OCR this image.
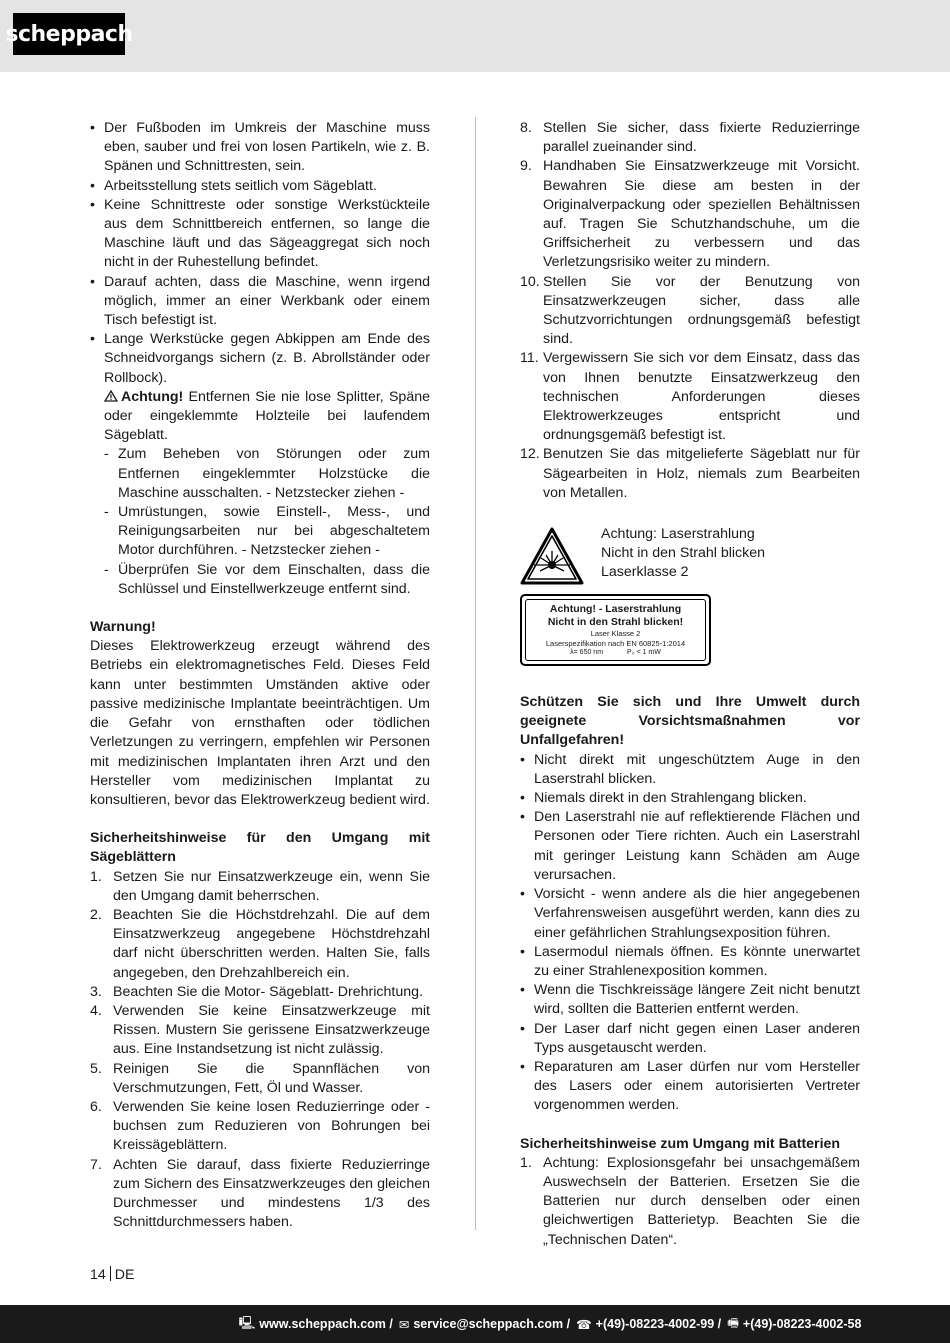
scheppach
• Der Fußboden im Umkreis der Maschine muss eben, sauber und frei von losen Partikeln, wie z. B. Spänen und Schnittresten, sein.
• Arbeitsstellung stets seitlich vom Sägeblatt.
• Keine Schnittreste oder sonstige Werkstückteile aus dem Schnittbereich entfernen, so lange die Maschine läuft und das Sägeaggregat sich noch nicht in der Ruhestellung befindet.
• Darauf achten, dass die Maschine, wenn irgend möglich, immer an einer Werkbank oder einem Tisch befestigt ist.
• Lange Werkstücke gegen Abkippen am Ende des Schneidvorgangs sichern (z. B. Abrollständer oder Rollbock).
Achtung! Entfernen Sie nie lose Splitter, Späne oder eingeklemmte Holzteile bei laufendem Sägeblatt.
- Zum Beheben von Störungen oder zum Entfernen eingeklemmter Holzstücke die Maschine ausschalten. - Netzstecker ziehen -
- Umrüstungen, sowie Einstell-, Mess-, und Reinigungsarbeiten nur bei abgeschaltetem Motor durchführen. - Netzstecker ziehen -
- Überprüfen Sie vor dem Einschalten, dass die Schlüssel und Einstellwerkzeuge entfernt sind.
Warnung!
Dieses Elektrowerkzeug erzeugt während des Betriebs ein elektromagnetisches Feld. Dieses Feld kann unter bestimmten Umständen aktive oder passive medizinische Implantate beeinträchtigen. Um die Gefahr von ernsthaften oder tödlichen Verletzungen zu verringern, empfehlen wir Personen mit medizinischen Implantaten ihren Arzt und den Hersteller vom medizinischen Implantat zu konsultieren, bevor das Elektrowerkzeug bedient wird.
Sicherheitshinweise für den Umgang mit Sägeblättern
1. Setzen Sie nur Einsatzwerkzeuge ein, wenn Sie den Umgang damit beherrschen.
2. Beachten Sie die Höchstdrehzahl. Die auf dem Einsatzwerkzeug angegebene Höchstdrehzahl darf nicht überschritten werden. Halten Sie, falls angegeben, den Drehzahlbereich ein.
3. Beachten Sie die Motor- Sägeblatt- Drehrichtung.
4. Verwenden Sie keine Einsatzwerkzeuge mit Rissen. Mustern Sie gerissene Einsatzwerkzeuge aus. Eine Instandsetzung ist nicht zulässig.
5. Reinigen Sie die Spannflächen von Verschmutzungen, Fett, Öl und Wasser.
6. Verwenden Sie keine losen Reduzierringe oder -buchsen zum Reduzieren von Bohrungen bei Kreissägeblättern.
7. Achten Sie darauf, dass fixierte Reduzierringe zum Sichern des Einsatzwerkzeuges den gleichen Durchmesser und mindestens 1/3 des Schnittdurchmessers haben.
8. Stellen Sie sicher, dass fixierte Reduzierringe parallel zueinander sind.
9. Handhaben Sie Einsatzwerkzeuge mit Vorsicht. Bewahren Sie diese am besten in der Originalverpackung oder speziellen Behältnissen auf. Tragen Sie Schutzhandschuhe, um die Griffsicherheit zu verbessern und das Verletzungsrisiko weiter zu mindern.
10. Stellen Sie vor der Benutzung von Einsatzwerkzeugen sicher, dass alle Schutzvorrichtungen ordnungsgemäß befestigt sind.
11. Vergewissern Sie sich vor dem Einsatz, dass das von Ihnen benutzte Einsatzwerkzeug den technischen Anforderungen dieses Elektrowerkzeuges entspricht und ordnungsgemäß befestigt ist.
12. Benutzen Sie das mitgelieferte Sägeblatt nur für Sägearbeiten in Holz, niemals zum Bearbeiten von Metallen.
Achtung: Laserstrahlung
Nicht in den Strahl blicken
Laserklasse 2
Achtung! - Laserstrahlung
Nicht in den Strahl blicken!
Laser Klasse 2
Laserspezifikation nach EN 60825-1:2014
λ= 650 nm	P₀ < 1 mW
Schützen Sie sich und Ihre Umwelt durch geeignete Vorsichtsmaßnahmen vor Unfallgefahren!
• Nicht direkt mit ungeschütztem Auge in den Laserstrahl blicken.
• Niemals direkt in den Strahlengang blicken.
• Den Laserstrahl nie auf reflektierende Flächen und Personen oder Tiere richten. Auch ein Laserstrahl mit geringer Leistung kann Schäden am Auge verursachen.
• Vorsicht - wenn andere als die hier angegebenen Verfahrensweisen ausgeführt werden, kann dies zu einer gefährlichen Strahlungsexposition führen.
• Lasermodul niemals öffnen. Es könnte unerwartet zu einer Strahlenexposition kommen.
• Wenn die Tischkreissäge längere Zeit nicht benutzt wird, sollten die Batterien entfernt werden.
• Der Laser darf nicht gegen einen Laser anderen Typs ausgetauscht werden.
• Reparaturen am Laser dürfen nur vom Hersteller des Lasers oder einem autorisierten Vertreter vorgenommen werden.
Sicherheitshinweise zum Umgang mit Batterien
1. Achtung: Explosionsgefahr bei unsachgemäßem Auswechseln der Batterien. Ersetzen Sie die Batterien nur durch denselben oder einen gleichwertigen Batterietyp. Beachten Sie die „Technischen Daten“.
14 DE
🖳 www.scheppach.com / ✉ service@scheppach.com / ☎ +(49)-08223-4002-99 / 🖷 +(49)-08223-4002-58
